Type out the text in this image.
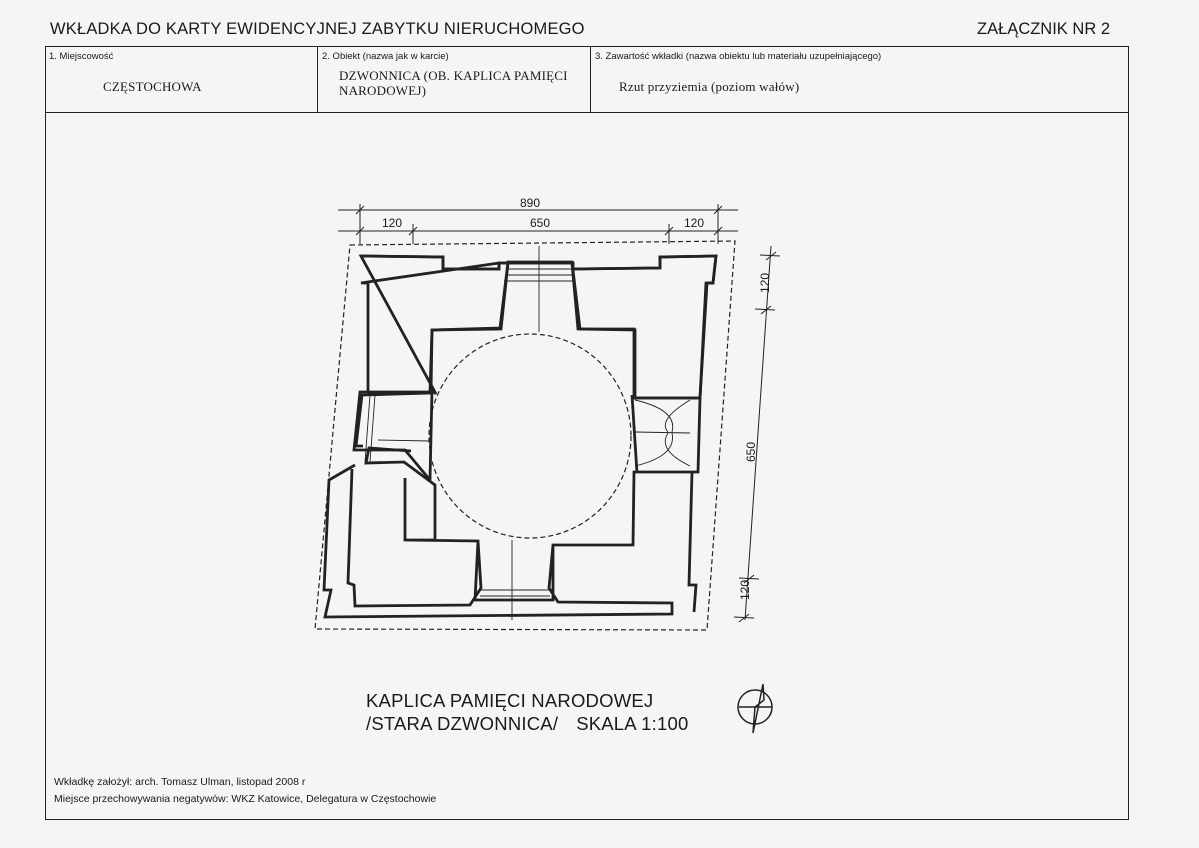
WKŁADKA DO KARTY EWIDENCYJNEJ ZABYTKU NIERUCHOMEGO	ZAŁĄCZNIK NR 2
1. Miejscowość
CZĘSTOCHOWA
2. Obiekt (nazwa jak w karcie)
DZWONNICA (OB. KAPLICA PAMIĘCI NARODOWEJ)
3. Zawartość wkładki (nazwa obiektu lub materiału uzupełniającego)
Rzut przyziemia (poziom wałów)
890
120	650	120
120
650
120
KAPLICA PAMIĘCI NARODOWEJ
/STARA DZWONNICA/ SKALA 1:100
Wkładkę założył: arch. Tomasz Ulman, listopad 2008 r
Miejsce przechowywania negatywów: WKZ Katowice, Delegatura w Częstochowie
